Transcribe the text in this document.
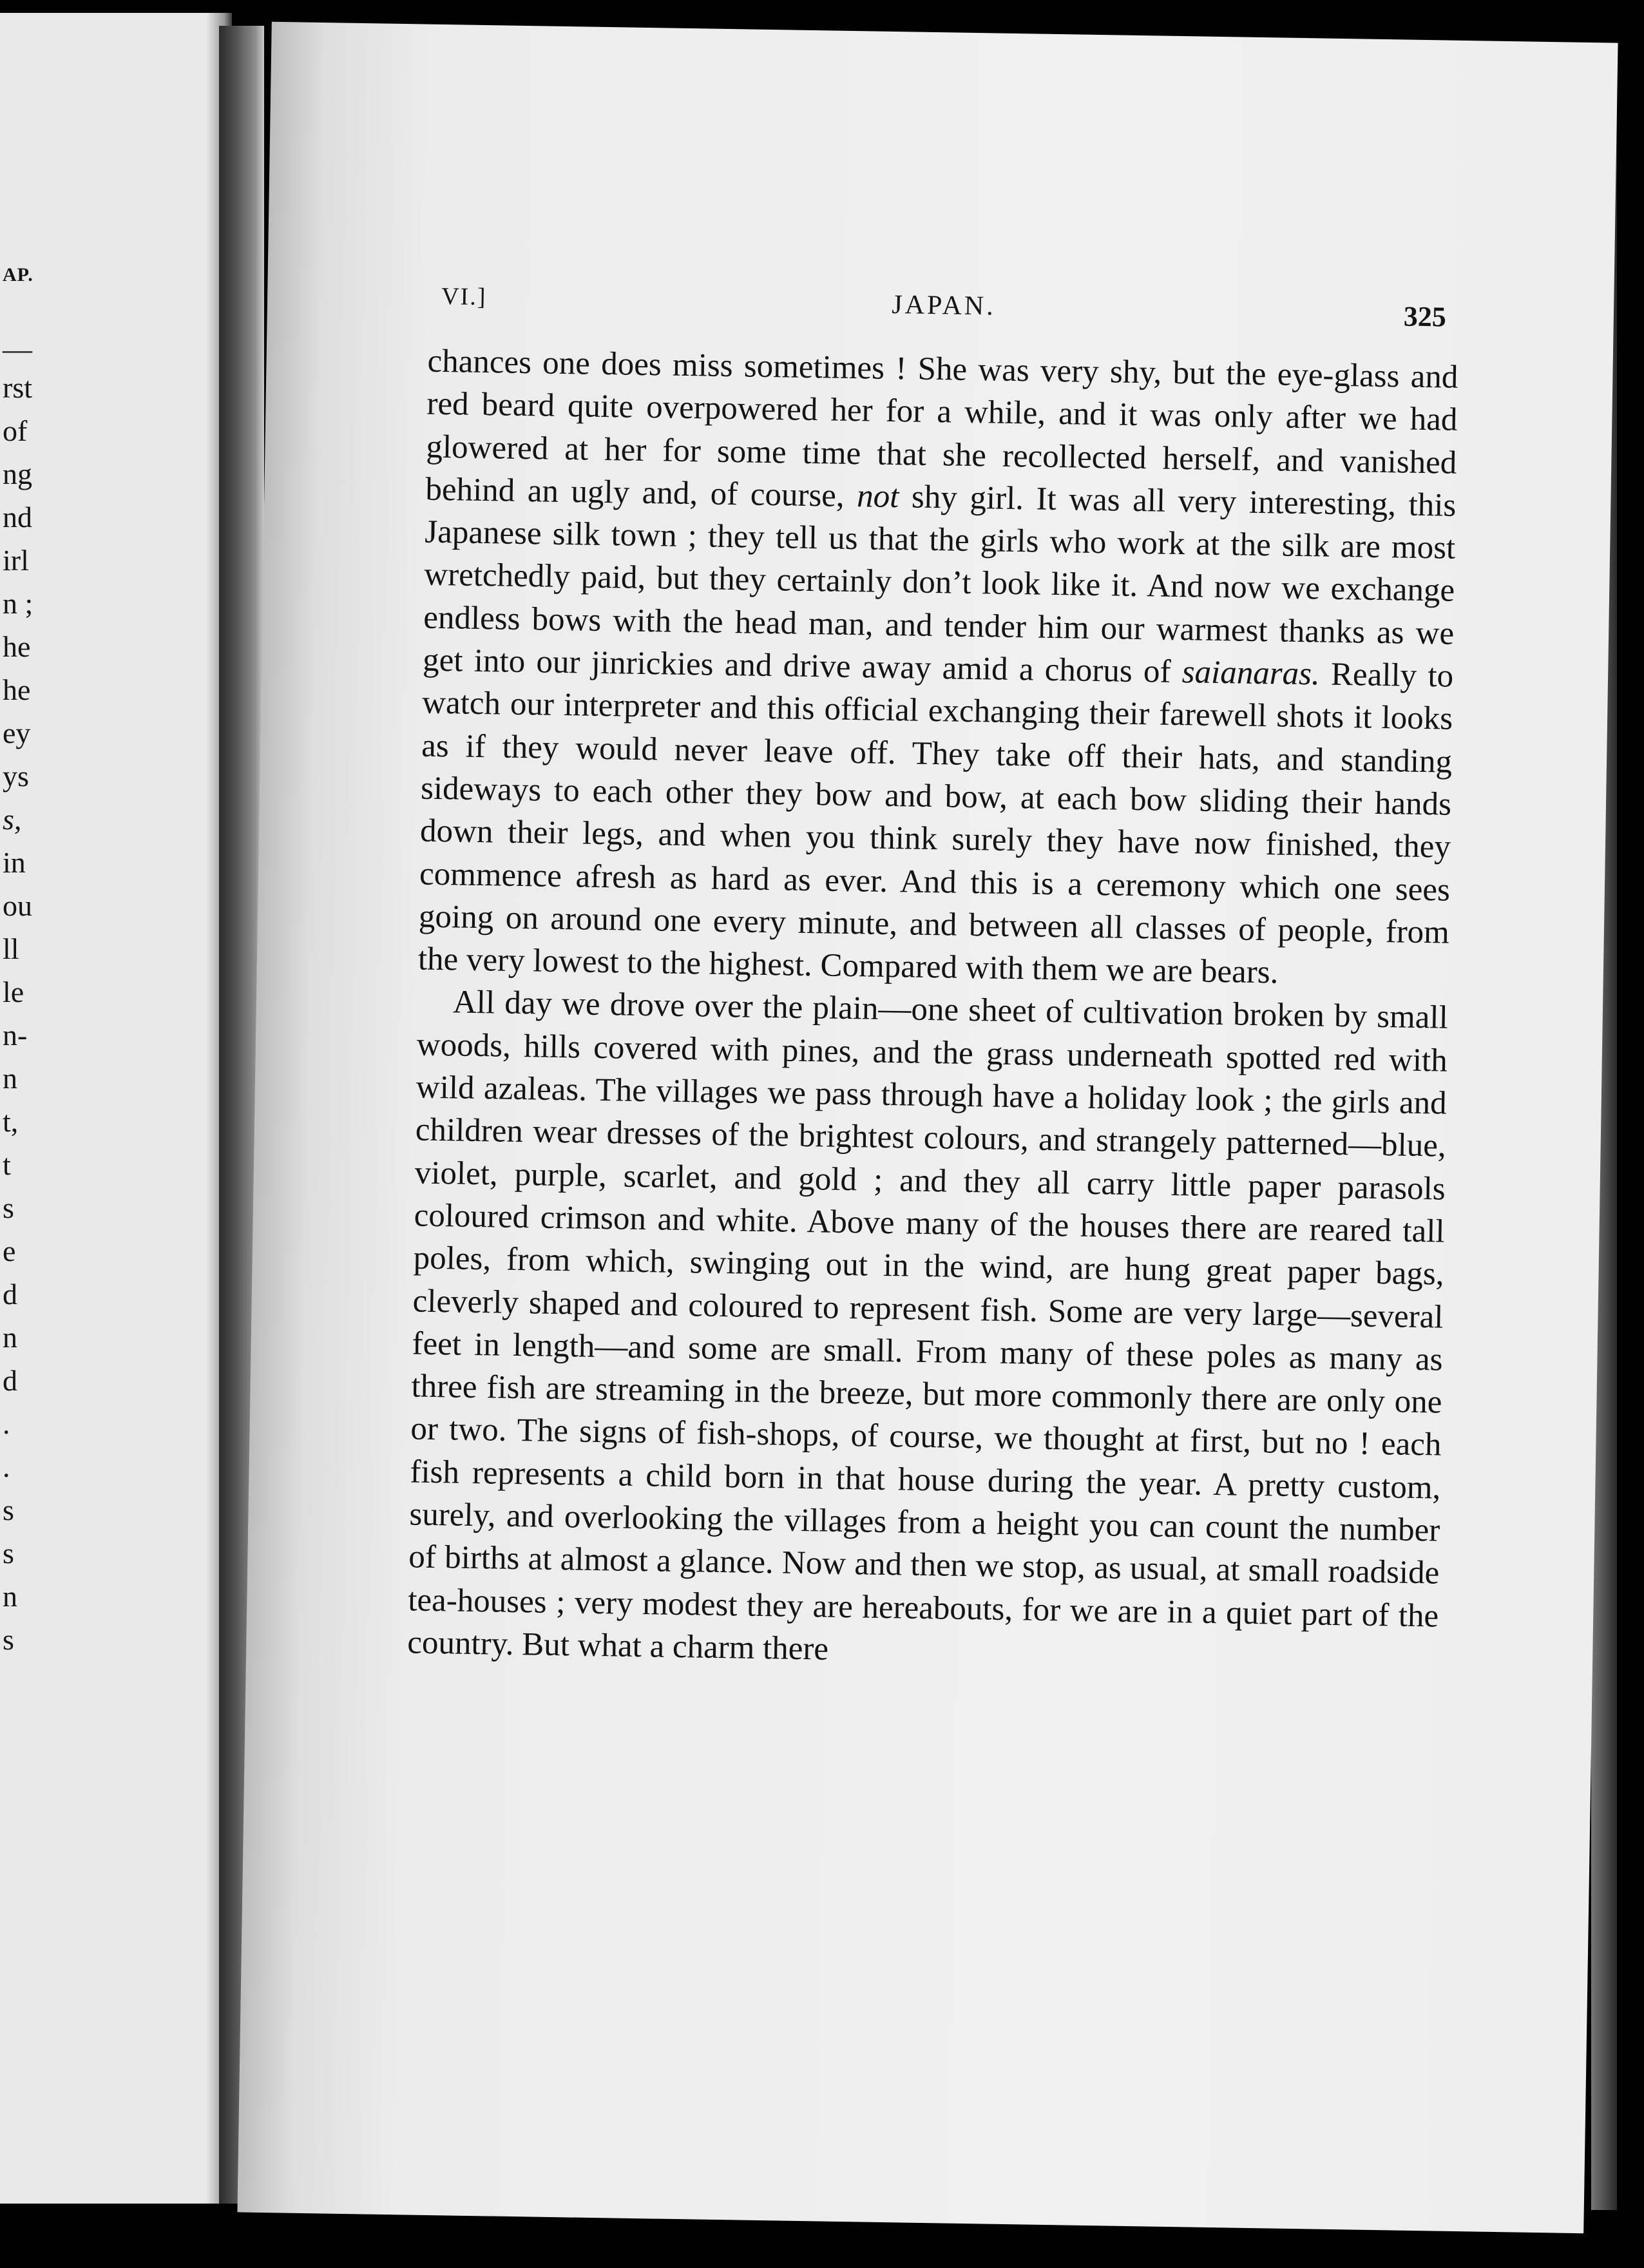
AP.
—
rst
of
ng
nd
irl
n ;
he
he
ey
ys
s,
in
ou
ll
le
n-
n
t,
t
s
e
d
n
d
.
.
s
s
n
s
VI.]	JAPAN.	325

chances one does miss sometimes ! She was very shy, but the eye-glass and red beard quite overpowered her for a while, and it was only after we had glowered at her for some time that she recollected herself, and vanished behind an ugly and, of course, not shy girl. It was all very interesting, this Japanese silk town ; they tell us that the girls who work at the silk are most wretchedly paid, but they certainly don’t look like it. And now we exchange endless bows with the head man, and tender him our warmest thanks as we get into our jinrickies and drive away amid a chorus of saianaras. Really to watch our interpreter and this official exchanging their farewell shots it looks as if they would never leave off. They take off their hats, and standing sideways to each other they bow and bow, at each bow sliding their hands down their legs, and when you think surely they have now finished, they commence afresh as hard as ever. And this is a ceremony which one sees going on around one every minute, and between all classes of people, from the very lowest to the highest. Compared with them we are bears.

All day we drove over the plain—one sheet of cultivation broken by small woods, hills covered with pines, and the grass underneath spotted red with wild azaleas. The villages we pass through have a holiday look ; the girls and children wear dresses of the brightest colours, and strangely patterned—blue, violet, purple, scarlet, and gold ; and they all carry little paper parasols coloured crimson and white. Above many of the houses there are reared tall poles, from which, swinging out in the wind, are hung great paper bags, cleverly shaped and coloured to represent fish. Some are very large—several feet in length—and some are small. From many of these poles as many as three fish are streaming in the breeze, but more commonly there are only one or two. The signs of fish-shops, of course, we thought at first, but no ! each fish represents a child born in that house during the year. A pretty custom, surely, and overlooking the villages from a height you can count the number of births at almost a glance. Now and then we stop, as usual, at small roadside tea-houses ; very modest they are hereabouts, for we are in a quiet part of the country. But what a charm there
